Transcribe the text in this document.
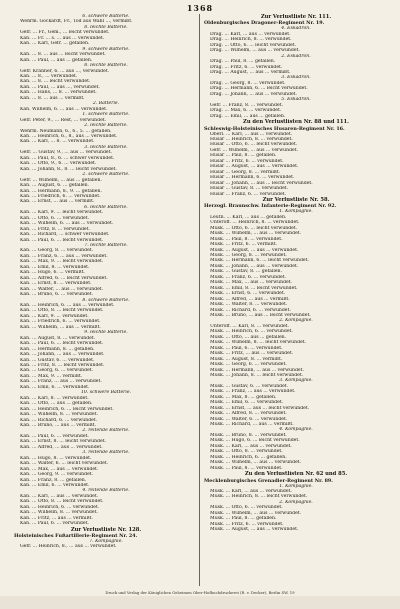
1368
6. schwere Batterie.
Wehrm. Gockardt, Fr., Tod aus Wahl ..., vermißt.
8. leichte Batterie.
Gefr. ... Fr., Gem., ... leicht verwundet.
Kan. ... Fr. ... s. ... aus ... verwundet.
Kan. ... Karl, Gefr. ... gefallen.
9. schwere Batterie.
Kan. ... 8. ... aus ... leicht verwundet.
Kan. ... Paul, ... aus ... gefallen.
8. leichte Batterie.
Gefr. Kranner, 6. ... aus ..., verwundet.
Kan. ... 8., ... verwundet.
Kan. ... 8. ... leicht verwundet.
Kan. ... Paul, ... aus ..., verwundet.
Kan. ... Hans, ... 8. ... verwundet.
Kan. ... 8. ... aus ... vermißt.
2. Batterie.
Kan. Wilhelm, 6. ... aus ... verwundet.
1. schwere Batterie.
Gefr. Peter, 9., ... Rest, ... verwundet.
2. leichte Batterie.
Wehrm. Neumann, 6., 6., 5. ... gefallen.
Kan. ... Heinrich, 6., 8., aus ... verwundet.
Kan. ... Karl, ... 8. ... verwundet.
3. leichte Batterie.
Gefr. ... Gustav, 9., ... aus ... verwundet.
Kan. ... Paul, 8., 6. ... schwer verwundet.
Kan. ... Otto, 9., 6. ... verwundet.
Kan. ... Johann, 8., 8. ... leicht verwundet.
2. schwere Batterie.
Gefr. ... Wilhelm, ... aus ... gefallen.
Kan. ... August, 6. ... gefallen.
Kan. ... Hermann, 8., 9. ... gefallen.
Kan. ... Friedrich, 6. ... verwundet.
Kan. ... Ernst, ... aus ... vermißt.
6. leichte Batterie.
Kan. ... Karl, 9. ... leicht verwundet.
Kan. ... Otto, 6. ... verwundet.
Kan. ... Wilhelm, 6. ... aus ... verwundet.
Kan. ... Fritz, 8. ... verwundet.
Kan. ... Richard, ... schwer verwundet.
Kan. ... Paul, 6. ... leicht verwundet.
7. leichte Batterie.
Kan. ... Georg, 8. ... verwundet.
Kan. ... Franz, 6. ... aus ... verwundet.
Kan. ... Max, 9. ... leicht verwundet.
Kan. ... Emil, 8. ... verwundet.
Kan. ... Hugo, 6. ... vermißt.
Kan. ... Alfred, 6. ... leicht verwundet.
Kan. ... Ernst, 8. ... verwundet.
Kan. ... Walter, ... aus ... verwundet.
Kan. ... Bruno, 6. ... verwundet.
8. schwere Batterie.
Kan. ... Heinrich, 6. ... aus ... verwundet.
Kan. ... Otto, 8. ... leicht verwundet.
Kan. ... Karl, 9. ... verwundet.
Kan. ... Friedrich, 6. ... verwundet.
Kan. ... Wilhelm, ... aus ... vermißt.
9. leichte Batterie.
Kan. ... August, 8. ... verwundet.
Kan. ... Paul, 6. ... leicht verwundet.
Kan. ... Hermann, 8. ... gefallen.
Kan. ... Johann, ... aus ... verwundet.
Kan. ... Gustav, 6. ... verwundet.
Kan. ... Fritz, 8. ... leicht verwundet.
Kan. ... Georg, 6. ... verwundet.
Kan. ... Max, 9. ... vermißt.
Kan. ... Franz, ... aus ... verwundet.
Kan. ... Emil, 6. ... verwundet.
10. schwere Batterie.
Kan. ... Karl, 8. ... verwundet.
Kan. ... Otto, ... aus ... gefallen.
Kan. ... Heinrich, 6. ... leicht verwundet.
Kan. ... Wilhelm, 8. ... verwundet.
Kan. ... Richard, 6. ... verwundet.
Kan. ... Bruno, ... aus ... vermißt.
2. reitende Batterie.
Kan. ... Paul, 6. ... verwundet.
Kan. ... Ernst, 8. ... leicht verwundet.
Kan. ... Alfred, ... aus ... verwundet.
3. reitende Batterie.
Kan. ... Hugo, 8. ... verwundet.
Kan. ... Walter, 6. ... leicht verwundet.
Kan. ... Max, ... aus ... verwundet.
Kan. ... Georg, 9. ... verwundet.
Kan. ... Franz, 8. ... gefallen.
Kan. ... Emil, 6. ... verwundet.
4. reitende Batterie.
Kan. ... Karl, ... aus ... verwundet.
Kan. ... Otto, 8. ... leicht verwundet.
Kan. ... Heinrich, 6. ... verwundet.
Kan. ... Wilhelm, 8. ... verwundet.
Kan. ... Fritz, ... aus ... vermißt.
Kan. ... Paul, 6. ... verwundet.
Zur Verlustliste Nr. 128.
Holsteinisches Fußartillerie-Regiment Nr. 24.
7. Kompagnie.
Gefr. ... Heinrich, 8., ... aus ... verwundet.
Zur Verlustliste Nr. 111.
Oldenburgisches Dragoner-Regiment Nr. 19.
4. Eskadron.
Drag. ... Karl, ... aus ... verwundet.
Drag. ... Heinrich, 8. ... verwundet.
Drag. ... Otto, 6. ... leicht verwundet.
Drag. ... Wilhelm, ... aus ... verwundet.
2. Eskadron.
Drag. ... Paul, 8. ... gefallen.
Drag. ... Fritz, 6. ... verwundet.
Drag. ... August, ... aus ... vermißt.
3. Eskadron.
Drag. ... Georg, 8. ... verwundet.
Drag. ... Hermann, 6. ... leicht verwundet.
Drag. ... Johann, ... aus ... verwundet.
5. Eskadron.
Gefr. ... Franz, 8. ... verwundet.
Drag. ... Max, 6. ... verwundet.
Drag. ... Emil, ... aus ... gefallen.
Zu den Verlustlisten Nr. 88 und 111.
Schleswig-Holsteinisches Husaren-Regiment Nr. 16.
Oberl. ... Karl, ... aus ... verwundet.
Husar ... Heinrich, 8. ... verwundet.
Husar ... Otto, 6. ... leicht verwundet.
Gefr. ... Wilhelm, ... aus ... verwundet.
Husar ... Paul, 8. ... gefallen.
Husar ... Fritz, 6. ... verwundet.
Husar ... August, ... aus ... verwundet.
Husar ... Georg, 8. ... vermißt.
Husar ... Hermann, 6. ... verwundet.
Husar ... Johann, ... aus ... leicht verwundet.
Husar ... Gustav, 8. ... verwundet.
Husar ... Franz, 6. ... verwundet.
Zur Verlustliste Nr. 58.
Herzogl. Braunschw. Infanterie-Regiment Nr. 92.
1. Kompagnie.
Leutn. ... Karl, ... aus ... gefallen.
Unteroff. ... Heinrich, 8. ... verwundet.
Musk. ... Otto, 6. ... leicht verwundet.
Musk. ... Wilhelm, ... aus ... verwundet.
Musk. ... Paul, 8. ... verwundet.
Musk. ... Fritz, 6. ... vermißt.
Musk. ... August, ... aus ... verwundet.
Musk. ... Georg, 8. ... verwundet.
Musk. ... Hermann, 6. ... leicht verwundet.
Musk. ... Johann, ... aus ... verwundet.
Musk. ... Gustav, 8. ... gefallen.
Musk. ... Franz, 6. ... verwundet.
Musk. ... Max, ... aus ... verwundet.
Musk. ... Emil, 8. ... leicht verwundet.
Musk. ... Ernst, 6. ... verwundet.
Musk. ... Alfred, ... aus ... vermißt.
Musk. ... Walter, 8. ... verwundet.
Musk. ... Richard, 6. ... verwundet.
Musk. ... Bruno, ... aus ... leicht verwundet.
2. Kompagnie.
Unteroff. ... Karl, 8. ... verwundet.
Musk. ... Heinrich, 6. ... verwundet.
Musk. ... Otto, ... aus ... gefallen.
Musk. ... Wilhelm, 8. ... leicht verwundet.
Musk. ... Paul, 6. ... verwundet.
Musk. ... Fritz, ... aus ... verwundet.
Musk. ... August, 8. ... vermißt.
Musk. ... Georg, 6. ... verwundet.
Musk. ... Hermann, ... aus ... verwundet.
Musk. ... Johann, 8. ... leicht verwundet.
3. Kompagnie.
Musk. ... Gustav, 6. ... verwundet.
Musk. ... Franz, ... aus ... verwundet.
Musk. ... Max, 8. ... gefallen.
Musk. ... Emil, 6. ... verwundet.
Musk. ... Ernst, ... aus ... leicht verwundet.
Musk. ... Alfred, 8. ... verwundet.
Musk. ... Walter, 6. ... verwundet.
Musk. ... Richard, ... aus ... vermißt.
4. Kompagnie.
Musk. ... Bruno, 8. ... verwundet.
Musk. ... Hugo, 6. ... leicht verwundet.
Musk. ... Karl, ... aus ... verwundet.
Musk. ... Otto, 8. ... verwundet.
Musk. ... Heinrich, 6. ... gefallen.
Musk. ... Wilhelm, ... aus ... verwundet.
Musk. ... Paul, 8. ... verwundet.
Zu den Verlustlisten Nr. 62 und 85.
Mecklenburgisches Grenadier-Regiment Nr. 89.
1. Kompagnie.
Musk. ... Karl, ... aus ... verwundet.
Musk. ... Heinrich, 8. ... leicht verwundet.
2. Kompagnie.
Musk. ... Otto, 6. ... verwundet.
Musk. ... Wilhelm, ... aus ... verwundet.
Musk. ... Paul, 8. ... gefallen.
Musk. ... Fritz, 6. ... verwundet.
Musk. ... August, ... aus ... verwundet.
Druck und Verlag der Königlichen Geheimen Ober-Hofbuchdruckerei (R. v. Decker), Berlin SW. 19
